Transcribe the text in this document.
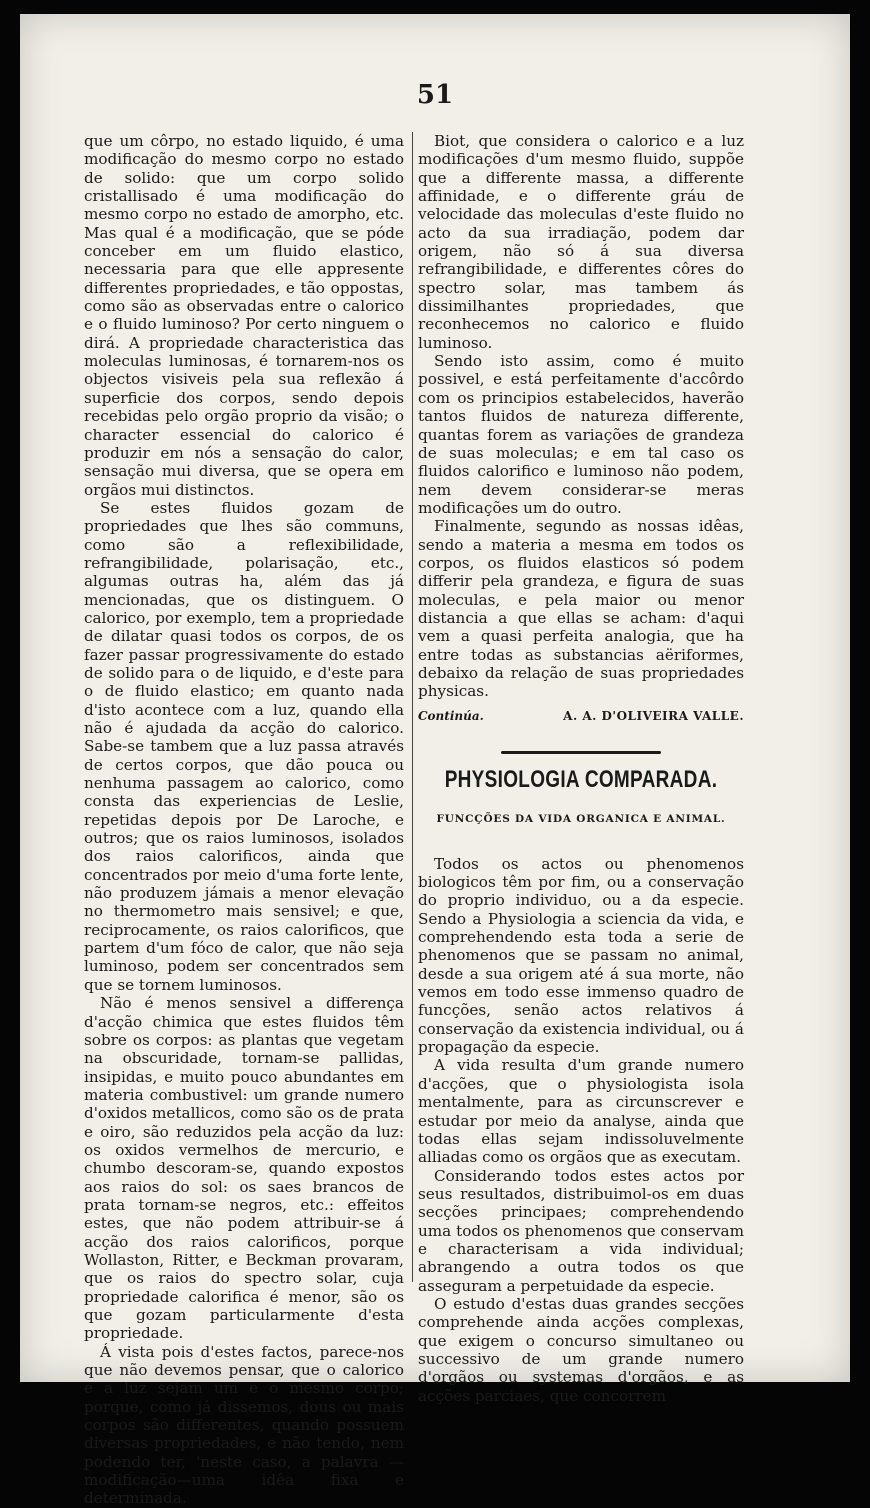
51

que um côrpo, no estado liquido, é uma modificação do mesmo corpo no estado de solido: que um corpo solido cristallisado é uma modificação do mesmo corpo no estado de amorpho, etc. Mas qual é a modificação, que se póde conceber em um fluido elastico, necessaria para que elle appresente differentes propriedades, e tão oppostas, como são as observadas entre o calorico e o fluido luminoso? Por certo ninguem o dirá. A propriedade characteristica das moleculas luminosas, é tornarem-nos os objectos visiveis pela sua reflexão á superficie dos corpos, sendo depois recebidas pelo orgão proprio da visão; o character essencial do calorico é produzir em nós a sensação do calor, sensação mui diversa, que se opera em orgãos mui distinctos.

Se estes fluidos gozam de propriedades que lhes são communs, como são a reflexibilidade, refrangibilidade, polarisação, etc., algumas outras ha, além das já mencionadas, que os distinguem. O calorico, por exemplo, tem a propriedade de dilatar quasi todos os corpos, de os fazer passar progressivamente do estado de solido para o de liquido, e d'este para o de fluido elastico; em quanto nada d'isto acontece com a luz, quando ella não é ajudada da acção do calorico. Sabe-se tambem que a luz passa através de certos corpos, que dão pouca ou nenhuma passagem ao calorico, como consta das experiencias de Leslie, repetidas depois por De Laroche, e outros; que os raios luminosos, isolados dos raios calorificos, ainda que concentrados por meio d'uma forte lente, não produzem jámais a menor elevação no thermometro mais sensivel; e que, reciprocamente, os raios calorificos, que partem d'um fóco de calor, que não seja luminoso, podem ser concentrados sem que se tornem luminosos.

Não é menos sensivel a differença d'acção chimica que estes fluidos têm sobre os corpos: as plantas que vegetam na obscuridade, tornam-se pallidas, insipidas, e muito pouco abundantes em materia combustivel: um grande numero d'oxidos metallicos, como são os de prata e oiro, são reduzidos pela acção da luz: os oxidos vermelhos de mercurio, e chumbo descoram-se, quando expostos aos raios do sol: os saes brancos de prata tornam-se negros, etc.: effeitos estes, que não podem attribuir-se á acção dos raios calorificos, porque Wollaston, Ritter, e Beckman provaram, que os raios do spectro solar, cuja propriedade calorifica é menor, são os que gozam particularmente d'esta propriedade.

Á vista pois d'estes factos, parece-nos que não devemos pensar, que o calorico e a luz sejam um e o mesmo corpo; porque, como já dissemos, dous ou mais corpos são differentes, quando possuem diversas propriedades, e não tendo, nem podendo ter, 'neste caso, a palavra —modificação—uma idêa fixa e determinada.

Biot, que considera o calorico e a luz modificações d'um mesmo fluido, suppõe que a differente massa, a differente affinidade, e o differente gráu de velocidade das moleculas d'este fluido no acto da sua irradiação, podem dar origem, não só á sua diversa refrangibilidade, e differentes côres do spectro solar, mas tambem ás dissimilhantes propriedades, que reconhecemos no calorico e fluido luminoso.

Sendo isto assim, como é muito possivel, e está perfeitamente d'accôrdo com os principios estabelecidos, haverão tantos fluidos de natureza differente, quantas forem as variações de grandeza de suas moleculas; e em tal caso os fluidos calorifico e luminoso não podem, nem devem considerar-se meras modificações um do outro.

Finalmente, segundo as nossas idêas, sendo a materia a mesma em todos os corpos, os fluidos elasticos só podem differir pela grandeza, e figura de suas moleculas, e pela maior ou menor distancia a que ellas se acham: d'aqui vem a quasi perfeita analogia, que ha entre todas as substancias aëriformes, debaixo da relação de suas propriedades physicas.

Continúa.	A. A. D'OLIVEIRA VALLE.
PHYSIOLOGIA COMPARADA.
FUNCÇÕES DA VIDA ORGANICA E ANIMAL.

Todos os actos ou phenomenos biologicos têm por fim, ou a conservação do proprio individuo, ou a da especie. Sendo a Physiologia a sciencia da vida, e comprehendendo esta toda a serie de phenomenos que se passam no animal, desde a sua origem até á sua morte, não vemos em todo esse immenso quadro de funcções, senão actos relativos á conservação da existencia individual, ou á propagação da especie.

A vida resulta d'um grande numero d'acções, que o physiologista isola mentalmente, para as circunscrever e estudar por meio da analyse, ainda que todas ellas sejam indissoluvelmente alliadas como os orgãos que as executam.

Considerando todos estes actos por seus resultados, distribuimol-os em duas secções principaes; comprehendendo uma todos os phenomenos que conservam e characterisam a vida individual; abrangendo a outra todos os que asseguram a perpetuidade da especie.

O estudo d'estas duas grandes secções comprehende ainda acções complexas, que exigem o concurso simultaneo ou successivo de um grande numero d'orgãos ou systemas d'orgãos, e as acções parciaes, que concorrem
